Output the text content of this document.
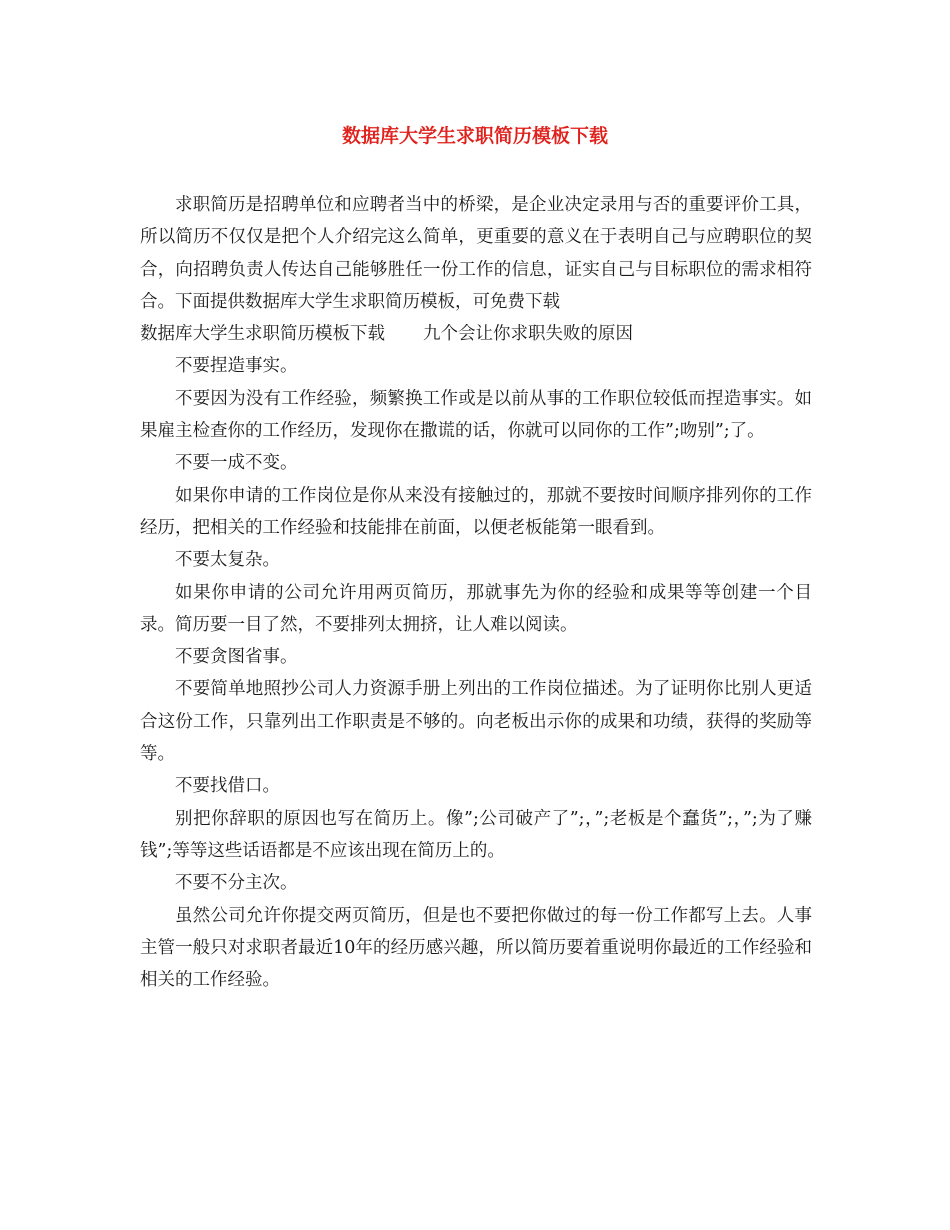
数据库大学生求职简历模板下载

求职简历是招聘单位和应聘者当中的桥梁，是企业决定录用与否的重要评价工具，所以简历不仅仅是把个人介绍完这么简单，更重要的意义在于表明自己与应聘职位的契合，向招聘负责人传达自己能够胜任一份工作的信息，证实自己与目标职位的需求相符合。下面提供数据库大学生求职简历模板，可免费下载

数据库大学生求职简历模板下载 九个会让你求职失败的原因

不要捏造事实。

不要因为没有工作经验，频繁换工作或是以前从事的工作职位较低而捏造事实。如果雇主检查你的工作经历，发现你在撒谎的话，你就可以同你的工作”;吻别”;了。

不要一成不变。

如果你申请的工作岗位是你从来没有接触过的，那就不要按时间顺序排列你的工作经历，把相关的工作经验和技能排在前面，以便老板能第一眼看到。

不要太复杂。

如果你申请的公司允许用两页简历，那就事先为你的经验和成果等等创建一个目录。简历要一目了然，不要排列太拥挤，让人难以阅读。

不要贪图省事。

不要简单地照抄公司人力资源手册上列出的工作岗位描述。为了证明你比别人更适合这份工作，只靠列出工作职责是不够的。向老板出示你的成果和功绩，获得的奖励等等。

不要找借口。

别把你辞职的原因也写在简历上。像”;公司破产了”;，”;老板是个蠢货”;，”;为了赚钱”;等等这些话语都是不应该出现在简历上的。

不要不分主次。

虽然公司允许你提交两页简历，但是也不要把你做过的每一份工作都写上去。人事主管一般只对求职者最近10年的经历感兴趣，所以简历要着重说明你最近的工作经验和相关的工作经验。
